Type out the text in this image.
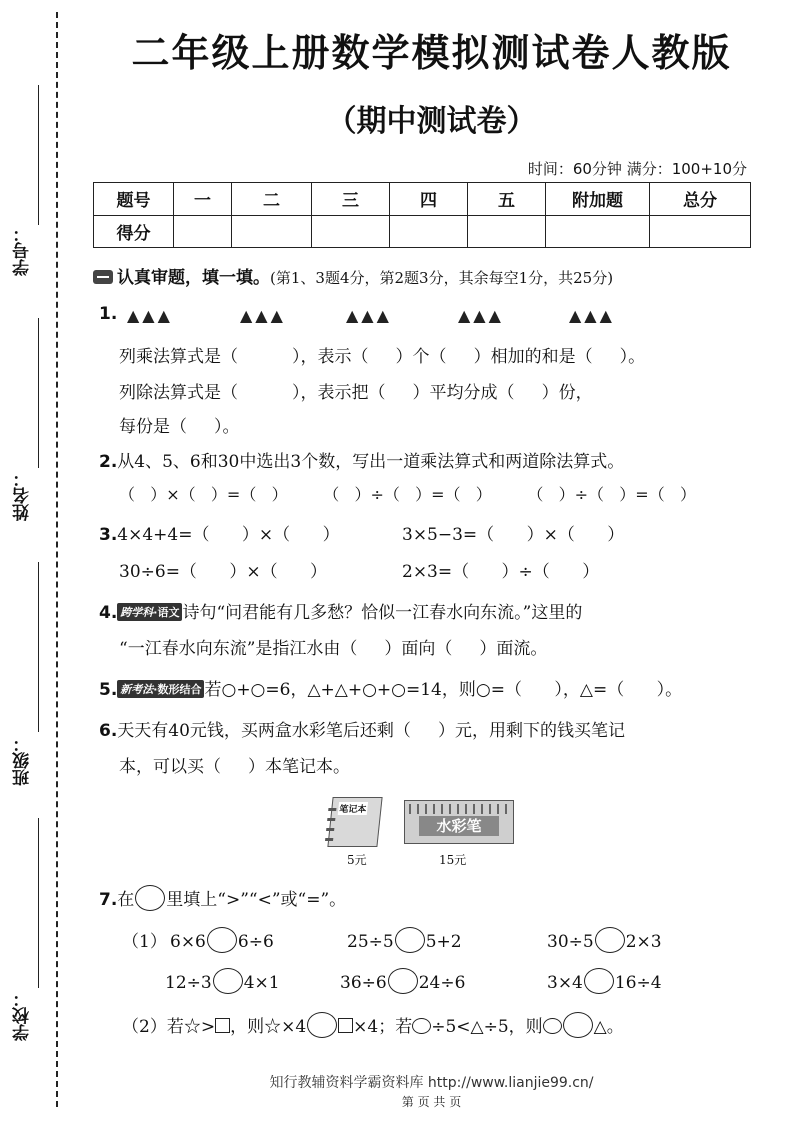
学号：
姓名：
班级：
学校：
二年级上册数学模拟测试卷人教版
（期中测试卷）
时间：60分钟 满分：100+10分
题号	一	二	三	四	五	附加题	总分
得分							
认真审题，填一填。(第1、3题4分，第2题3分，其余每空1分，共25分)
1. ▲▲▲	▲▲▲	▲▲▲	▲▲▲	▲▲▲
列乘法算式是（          ），表示（     ）个（     ）相加的和是（     ）。
列除法算式是（          ），表示把（     ）平均分成（     ）份，
每份是（     ）。
2.从4、5、6和30中选出3个数，写出一道乘法算式和两道除法算式。
（   ）×（   ）=（   ）       （   ）÷（   ）=（   ）       （   ）÷（   ）=（   ）
3.4×4+4=（      ）×（      ）	3×5−3=（      ）×（      ）
30÷6=（      ）×（      ）	2×3=（      ）÷（      ）
4. 跨学科·语文 诗句“问君能有几多愁？恰似一江春水向东流。”这里的
“一江春水向东流”是指江水由（     ）面向（     ）面流。
5. 新考法·数形结合 若○+○=6，△+△+○+○=14，则○=（      ），△=（      ）。
6.天天有40元钱，买两盒水彩笔后还剩（     ）元，用剩下的钱买笔记
本，可以买（     ）本笔记本。
笔记本
5元
水彩笔
15元
7.在 里填上“>”“<”或“=”。
（1） 6×6 6÷6	25÷5 5+2	30÷5 2×3
12÷3 4×1	36÷6 24÷6	3×4 16÷4
（2）若☆> ，则☆×4	×4；若 ÷5<△÷5，则	△。
知行教辅资料学霸资料库 http://www.lianjie99.cn/
第 页 共 页
